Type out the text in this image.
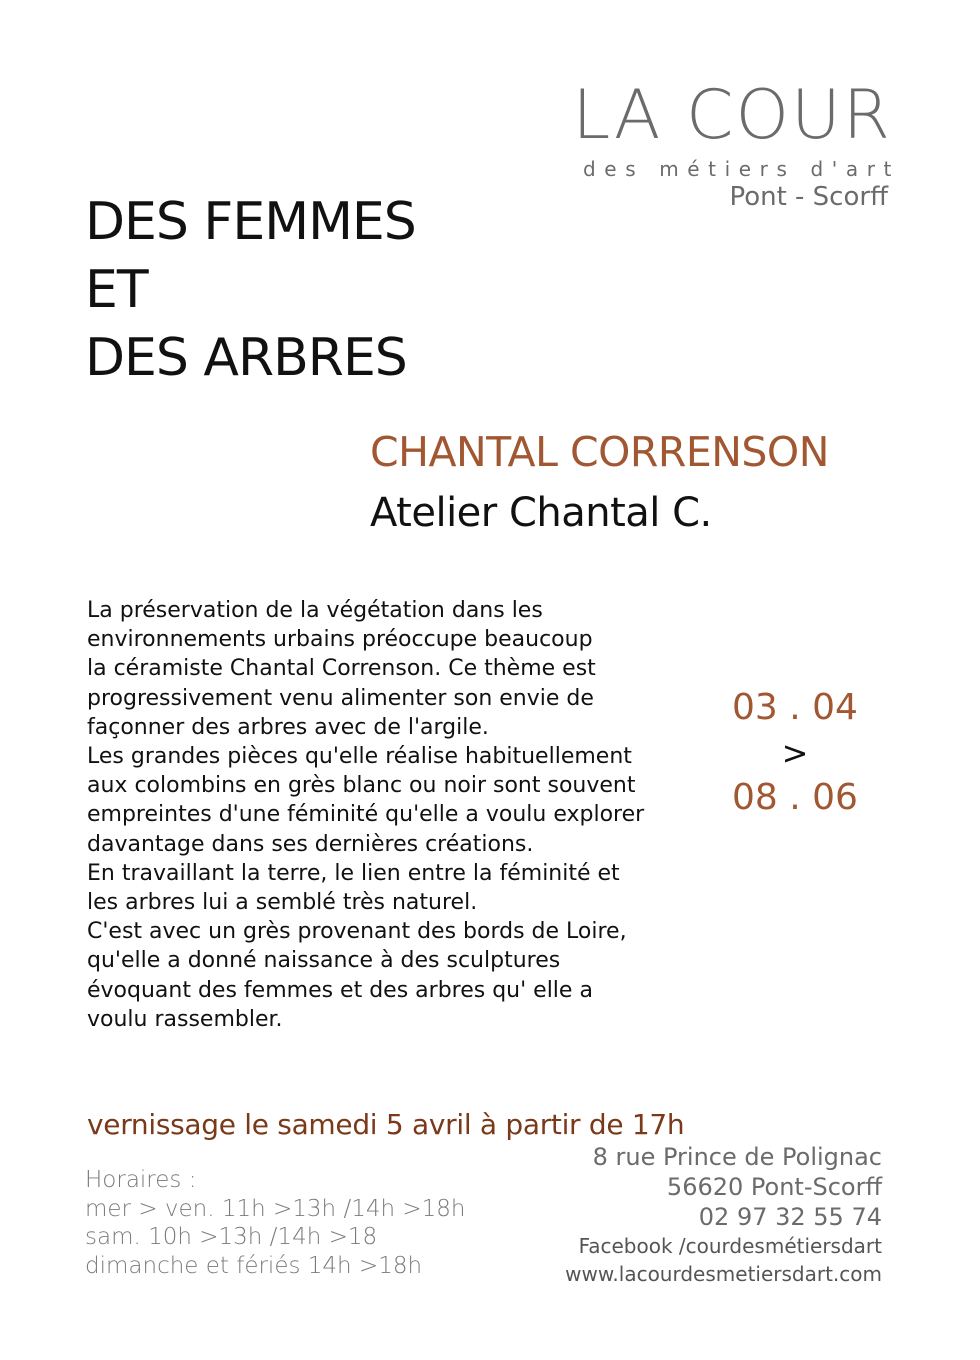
LA COUR
des métiers d'art
Pont - Scorff
DES FEMMES
ET
DES ARBRES
CHANTAL CORRENSON
Atelier Chantal C.
La préservation de la végétation dans les
environnements urbains préoccupe beaucoup
la céramiste Chantal Correnson. Ce thème est
progressivement venu alimenter son envie de
façonner des arbres avec de l'argile.
Les grandes pièces qu'elle réalise habituellement
aux colombins en grès blanc ou noir sont souvent
empreintes d'une féminité qu'elle a voulu explorer
davantage dans ses dernières créations.
En travaillant la terre, le lien entre la féminité et
les arbres lui a semblé très naturel.
C'est avec un grès provenant des bords de Loire,
qu'elle a donné naissance à des sculptures
évoquant des femmes et des arbres qu' elle a
voulu rassembler.
03 . 04
>
08 . 06
vernissage le samedi 5 avril à partir de 17h
Horaires :
mer > ven. 11h >13h /14h >18h
sam. 10h >13h /14h >18
dimanche et fériés 14h >18h
8 rue Prince de Polignac
56620 Pont-Scorff
02 97 32 55 74
Facebook /courdesmétiersdart
www.lacourdesmetiersdart.com
